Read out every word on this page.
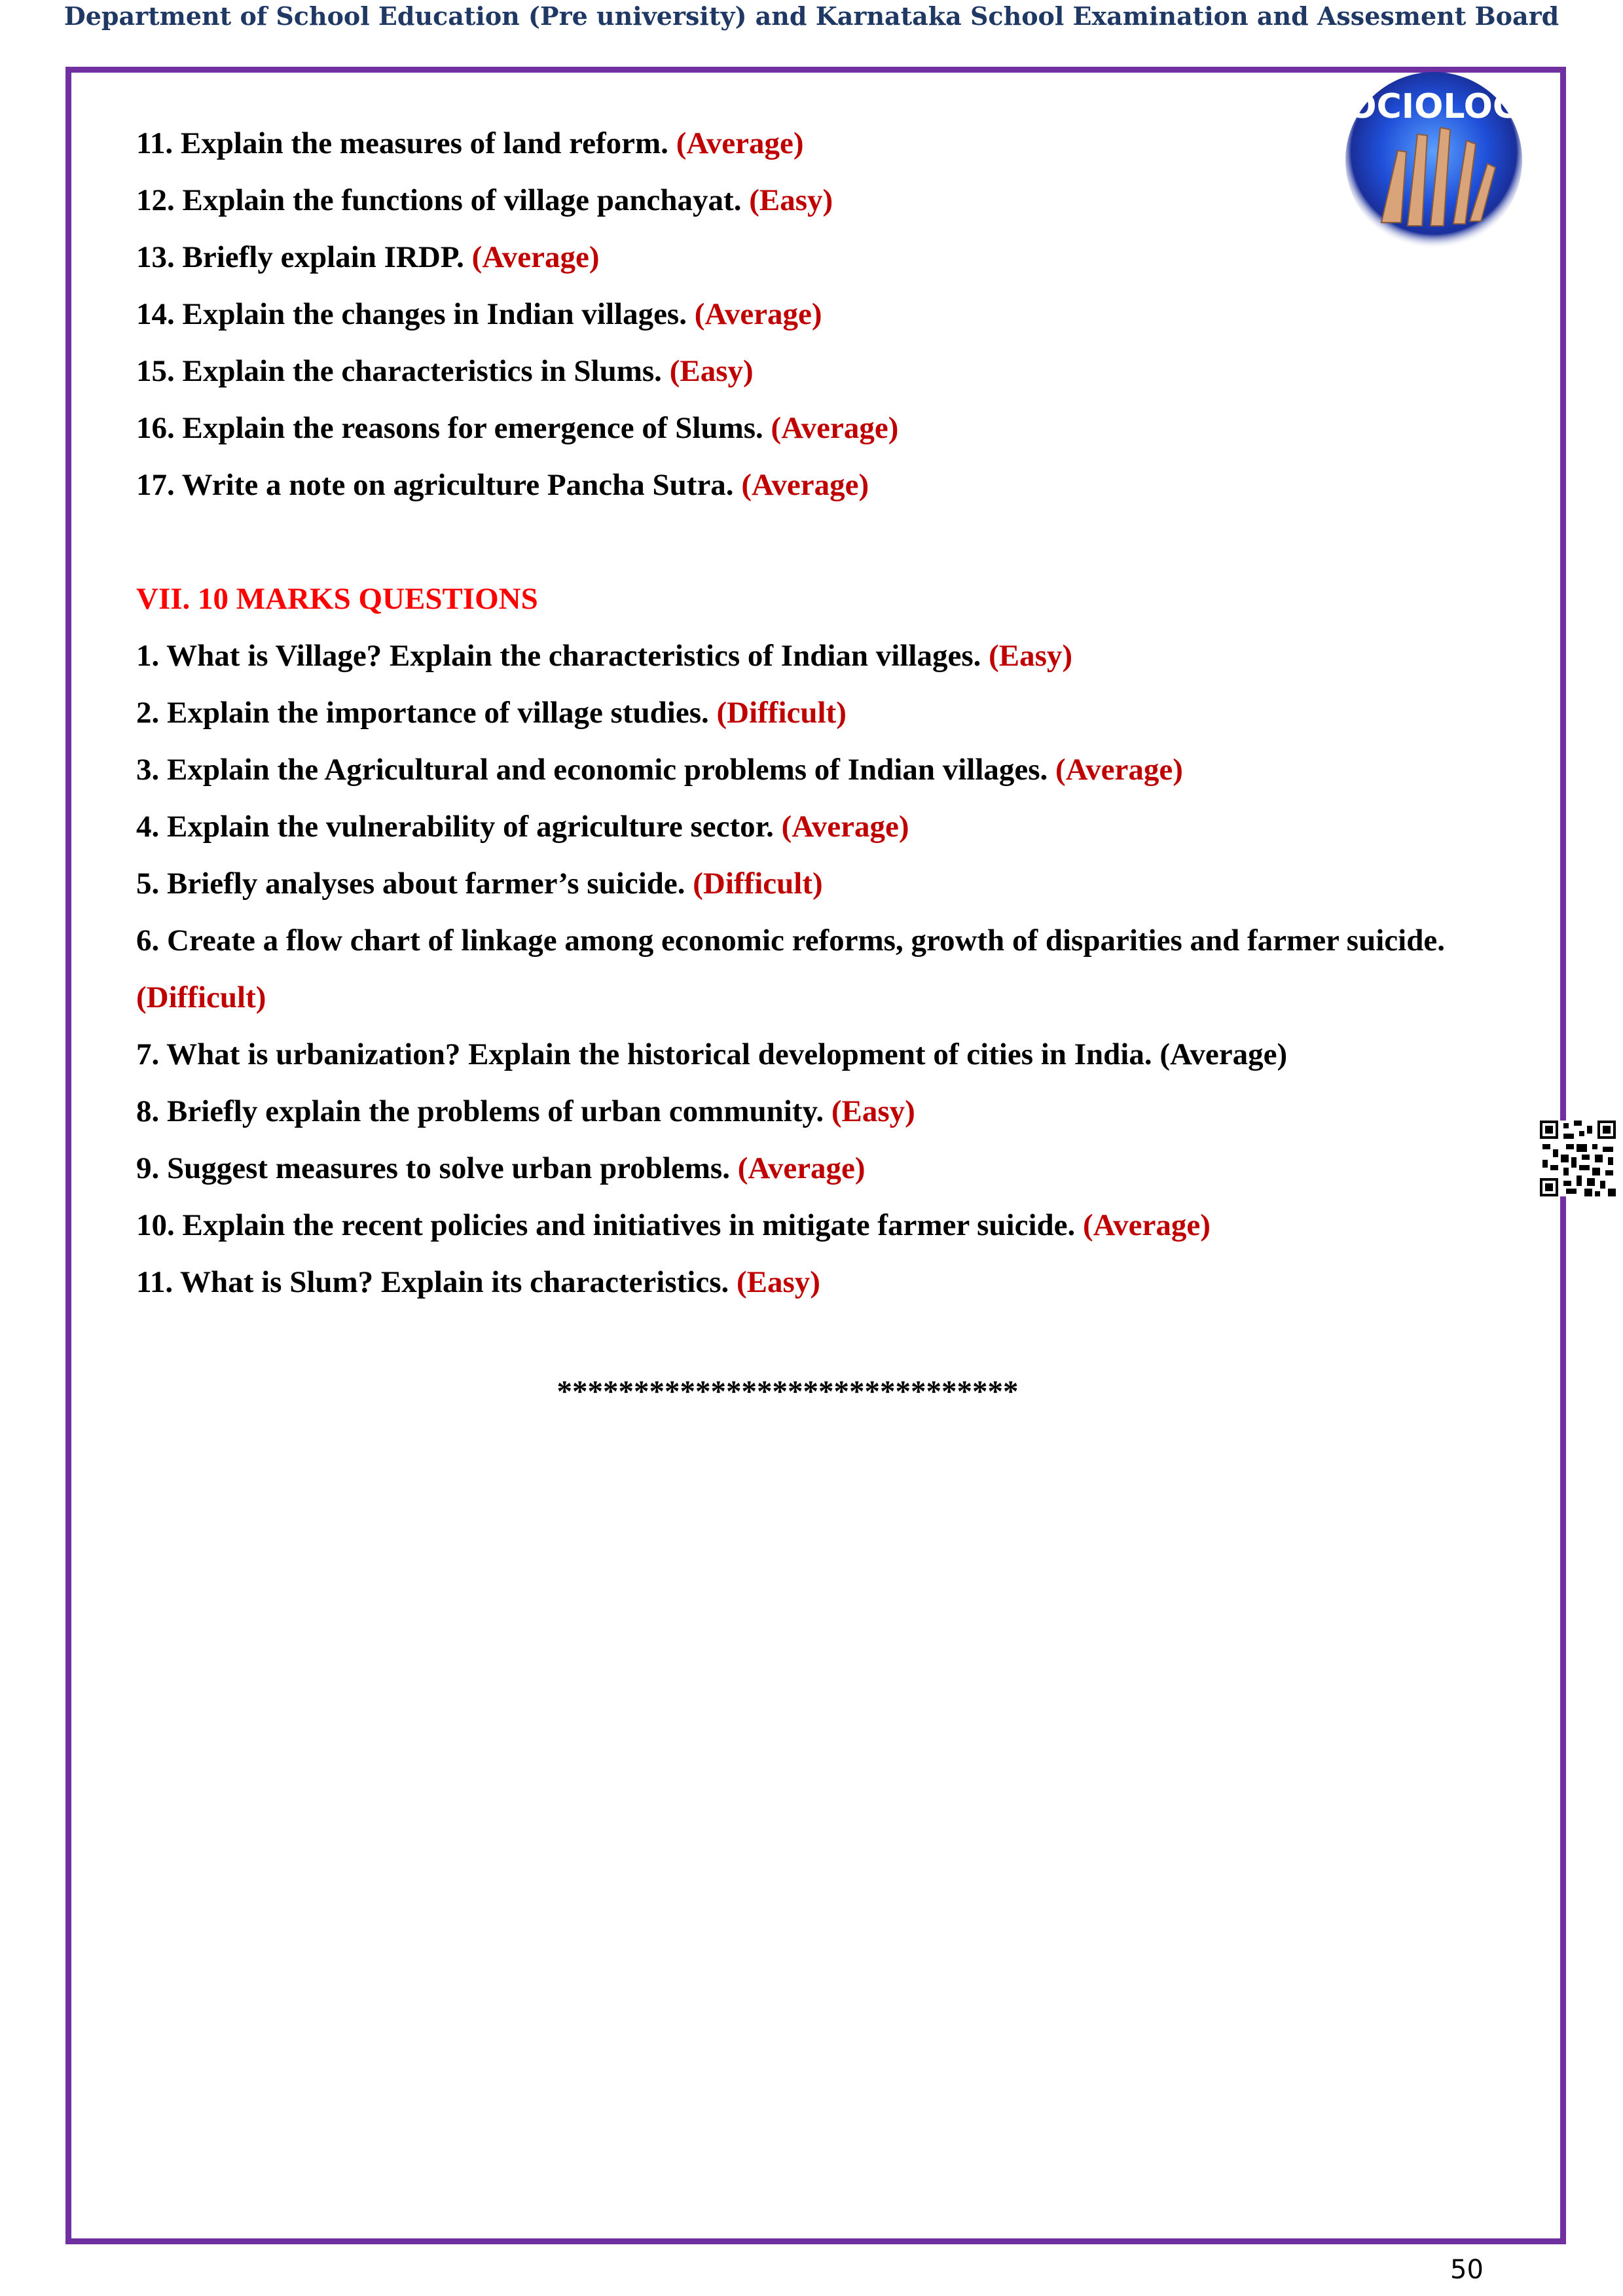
Department of School Education (Pre university) and Karnataka School Examination and Assesment Board
SOCIOLOGY
11. Explain the measures of land reform. (Average)
12. Explain the functions of village panchayat. (Easy)
13. Briefly explain IRDP. (Average)
14. Explain the changes in Indian villages. (Average)
15. Explain the characteristics in Slums. (Easy)
16. Explain the reasons for emergence of Slums. (Average)
17. Write a note on agriculture Pancha Sutra. (Average)
VII. 10 MARKS QUESTIONS
1. What is Village? Explain the characteristics of Indian villages. (Easy)
2. Explain the importance of village studies. (Difficult)
3. Explain the Agricultural and economic problems of Indian villages. (Average)
4. Explain the vulnerability of agriculture sector. (Average)
5. Briefly analyses about farmer’s suicide. (Difficult)
6. Create a flow chart of linkage among economic reforms, growth of disparities and farmer suicide.
(Difficult)
7. What is urbanization? Explain the historical development of cities in India. (Average)
8. Briefly explain the problems of urban community. (Easy)
9. Suggest measures to solve urban problems. (Average)
10. Explain the recent policies and initiatives in mitigate farmer suicide. (Average)
11. What is Slum? Explain its characteristics. (Easy)
******************************
50
